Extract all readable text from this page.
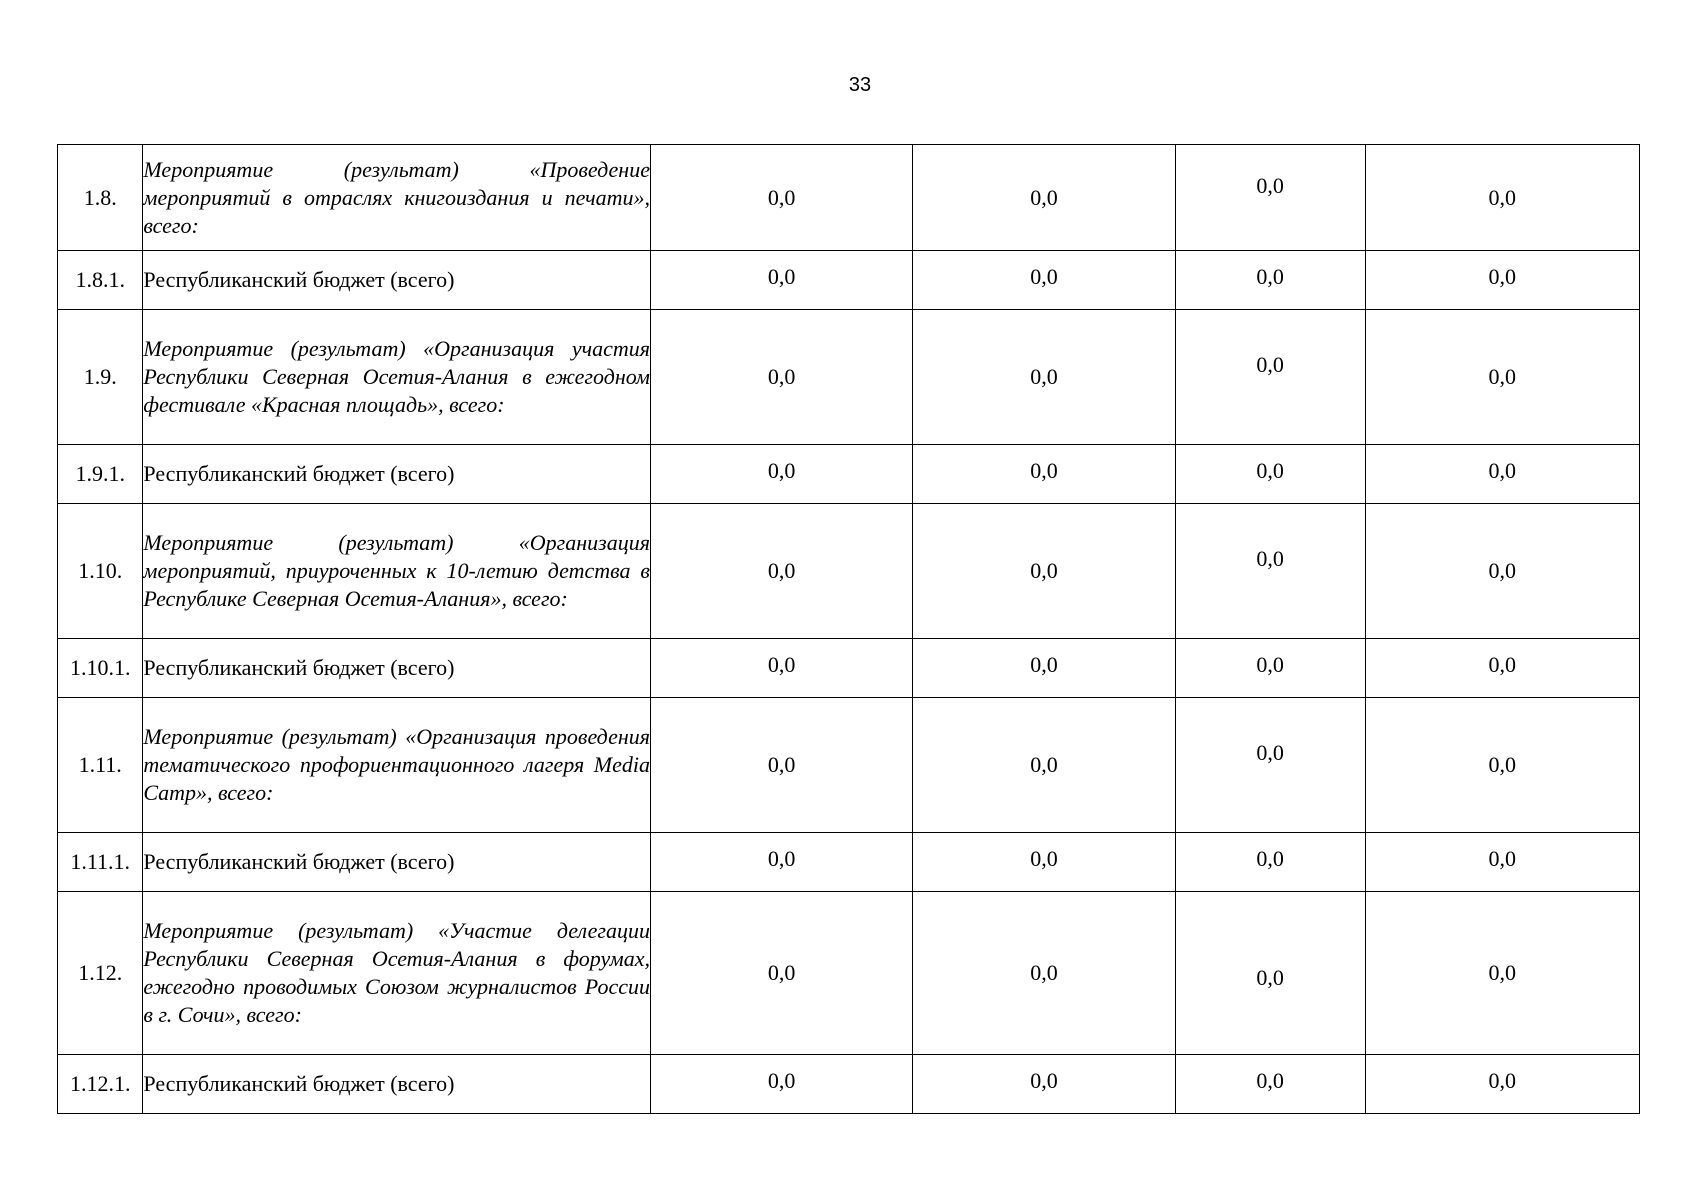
33
1.8.	Мероприятие (результат) «Проведение мероприятий в отраслях книгоиздания и печати», всего:	0,0	0,0	0,0	0,0
1.8.1.	Республиканский бюджет (всего)	0,0	0,0	0,0	0,0
1.9.	Мероприятие (результат) «Организация участия Республики Северная Осетия-Алания в ежегодном фестивале «Красная площадь», всего:	0,0	0,0	0,0	0,0
1.9.1.	Республиканский бюджет (всего)	0,0	0,0	0,0	0,0
1.10.	Мероприятие (результат) «Организация мероприятий, приуроченных к 10-летию детства в Республике Северная Осетия-Алания», всего:	0,0	0,0	0,0	0,0
1.10.1.	Республиканский бюджет (всего)	0,0	0,0	0,0	0,0
1.11.	Мероприятие (результат) «Организация проведения тематического профориентационного лагеря Media Camp», всего:	0,0	0,0	0,0	0,0
1.11.1.	Республиканский бюджет (всего)	0,0	0,0	0,0	0,0
1.12.	Мероприятие (результат) «Участие делегации Республики Северная Осетия-Алания в форумах, ежегодно проводимых Союзом журналистов России в г. Сочи», всего:	0,0	0,0	0,0	0,0
1.12.1.	Республиканский бюджет (всего)	0,0	0,0	0,0	0,0
